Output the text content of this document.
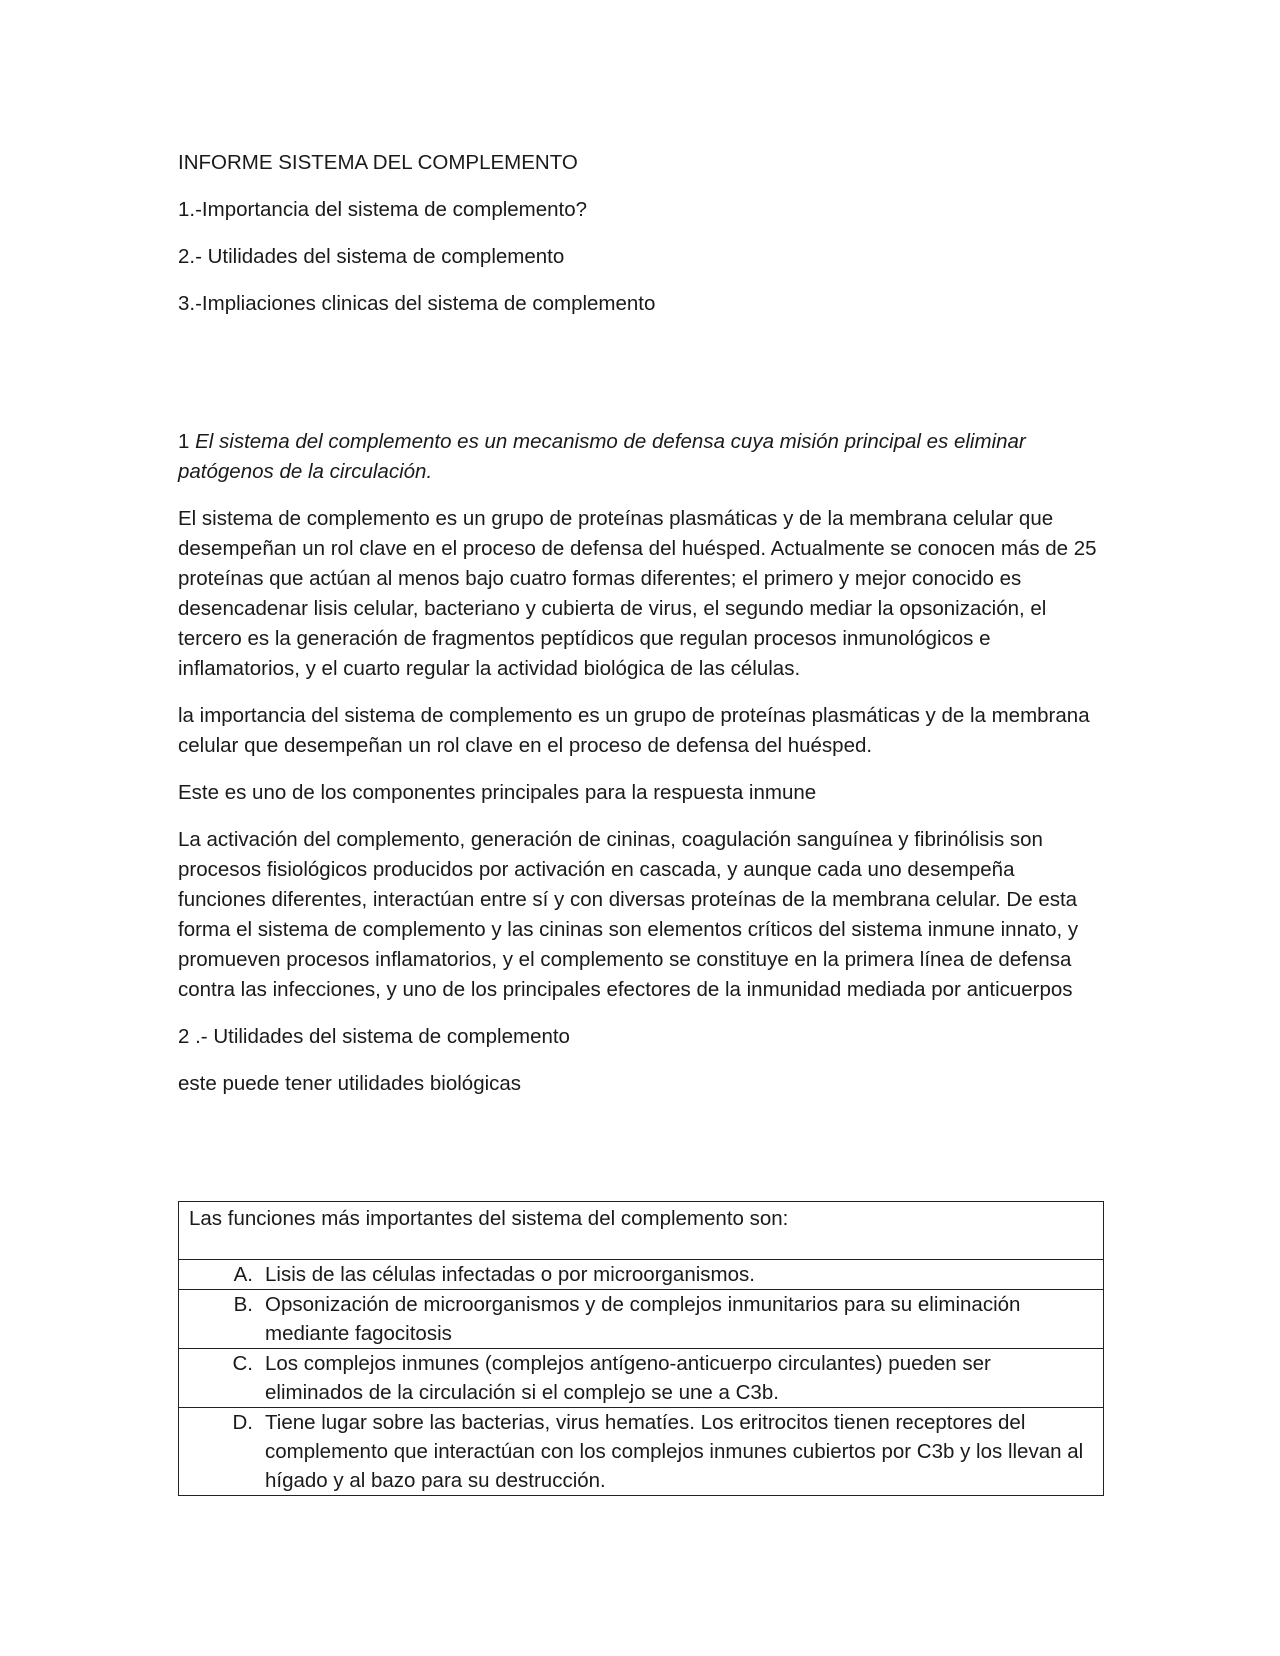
INFORME SISTEMA DEL COMPLEMENTO

1.-Importancia del sistema de complemento?

2.- Utilidades del sistema de complemento

3.-Impliaciones clinicas del sistema de complemento

1 El sistema del complemento es un mecanismo de defensa cuya misión principal es eliminar patógenos de la circulación.

El sistema de complemento es un grupo de proteínas plasmáticas y de la membrana celular que desempeñan un rol clave en el proceso de defensa del huésped. Actualmente se conocen más de 25 proteínas que actúan al menos bajo cuatro formas diferentes; el primero y mejor conocido es desencadenar lisis celular, bacteriano y cubierta de virus, el segundo mediar la opsonización, el tercero es la generación de fragmentos peptídicos que regulan procesos inmunológicos e inflamatorios, y el cuarto regular la actividad biológica de las células.

la importancia del sistema de complemento es un grupo de proteínas plasmáticas y de la membrana celular que desempeñan un rol clave en el proceso de defensa del huésped.

Este es uno de los componentes principales para la respuesta inmune

La activación del complemento, generación de cininas, coagulación sanguínea y fibrinólisis son procesos fisiológicos producidos por activación en cascada, y aunque cada uno desempeña funciones diferentes, interactúan entre sí y con diversas proteínas de la membrana celular. De esta forma el sistema de complemento y las cininas son elementos críticos del sistema inmune innato, y promueven procesos inflamatorios, y el complemento se constituye en la primera línea de defensa contra las infecciones, y uno de los principales efectores de la inmunidad mediada por anticuerpos

2 .- Utilidades del sistema de complemento

este puede tener utilidades biológicas

Las funciones más importantes del sistema del complemento son:

A. Lisis de las células infectadas o por microorganismos.

B. Opsonización de microorganismos y de complejos inmunitarios para su eliminación mediante fagocitosis

C. Los complejos inmunes (complejos antígeno-anticuerpo circulantes) pueden ser eliminados de la circulación si el complejo se une a C3b.

D. Tiene lugar sobre las bacterias, virus hematíes. Los eritrocitos tienen receptores del complemento que interactúan con los complejos inmunes cubiertos por C3b y los llevan al hígado y al bazo para su destrucción.
